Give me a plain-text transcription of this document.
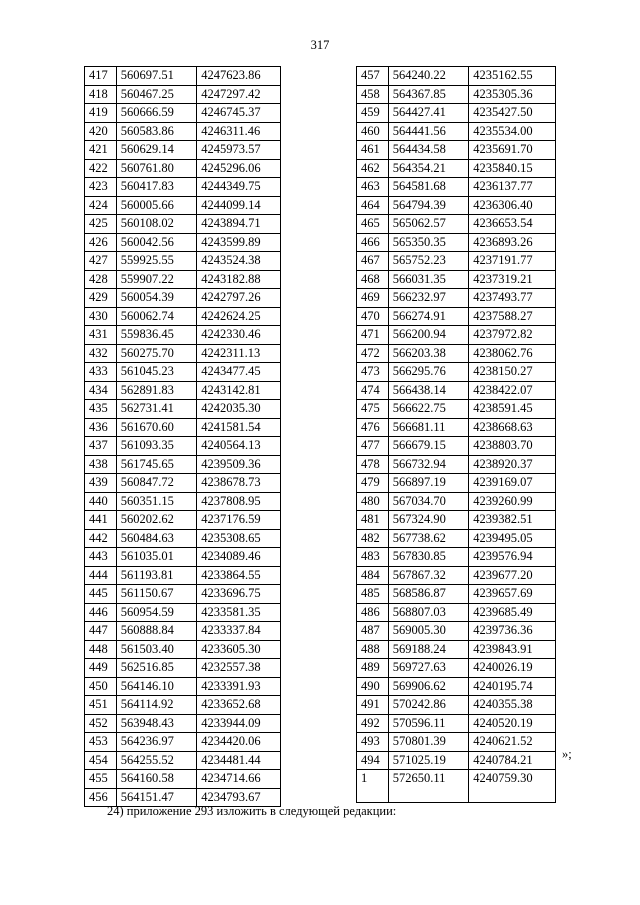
317
417	560697.51	4247623.86
418	560467.25	4247297.42
419	560666.59	4246745.37
420	560583.86	4246311.46
421	560629.14	4245973.57
422	560761.80	4245296.06
423	560417.83	4244349.75
424	560005.66	4244099.14
425	560108.02	4243894.71
426	560042.56	4243599.89
427	559925.55	4243524.38
428	559907.22	4243182.88
429	560054.39	4242797.26
430	560062.74	4242624.25
431	559836.45	4242330.46
432	560275.70	4242311.13
433	561045.23	4243477.45
434	562891.83	4243142.81
435	562731.41	4242035.30
436	561670.60	4241581.54
437	561093.35	4240564.13
438	561745.65	4239509.36
439	560847.72	4238678.73
440	560351.15	4237808.95
441	560202.62	4237176.59
442	560484.63	4235308.65
443	561035.01	4234089.46
444	561193.81	4233864.55
445	561150.67	4233696.75
446	560954.59	4233581.35
447	560888.84	4233337.84
448	561503.40	4233605.30
449	562516.85	4232557.38
450	564146.10	4233391.93
451	564114.92	4233652.68
452	563948.43	4233944.09
453	564236.97	4234420.06
454	564255.52	4234481.44
455	564160.58	4234714.66
456	564151.47	4234793.67
457	564240.22	4235162.55
458	564367.85	4235305.36
459	564427.41	4235427.50
460	564441.56	4235534.00
461	564434.58	4235691.70
462	564354.21	4235840.15
463	564581.68	4236137.77
464	564794.39	4236306.40
465	565062.57	4236653.54
466	565350.35	4236893.26
467	565752.23	4237191.77
468	566031.35	4237319.21
469	566232.97	4237493.77
470	566274.91	4237588.27
471	566200.94	4237972.82
472	566203.38	4238062.76
473	566295.76	4238150.27
474	566438.14	4238422.07
475	566622.75	4238591.45
476	566681.11	4238668.63
477	566679.15	4238803.70
478	566732.94	4238920.37
479	566897.19	4239169.07
480	567034.70	4239260.99
481	567324.90	4239382.51
482	567738.62	4239495.05
483	567830.85	4239576.94
484	567867.32	4239677.20
485	568586.87	4239657.69
486	568807.03	4239685.49
487	569005.30	4239736.36
488	569188.24	4239843.91
489	569727.63	4240026.19
490	569906.62	4240195.74
491	570242.86	4240355.38
492	570596.11	4240520.19
493	570801.39	4240621.52
494	571025.19	4240784.21
1	572650.11	4240759.30
»;
24) приложение 293 изложить в следующей редакции:
